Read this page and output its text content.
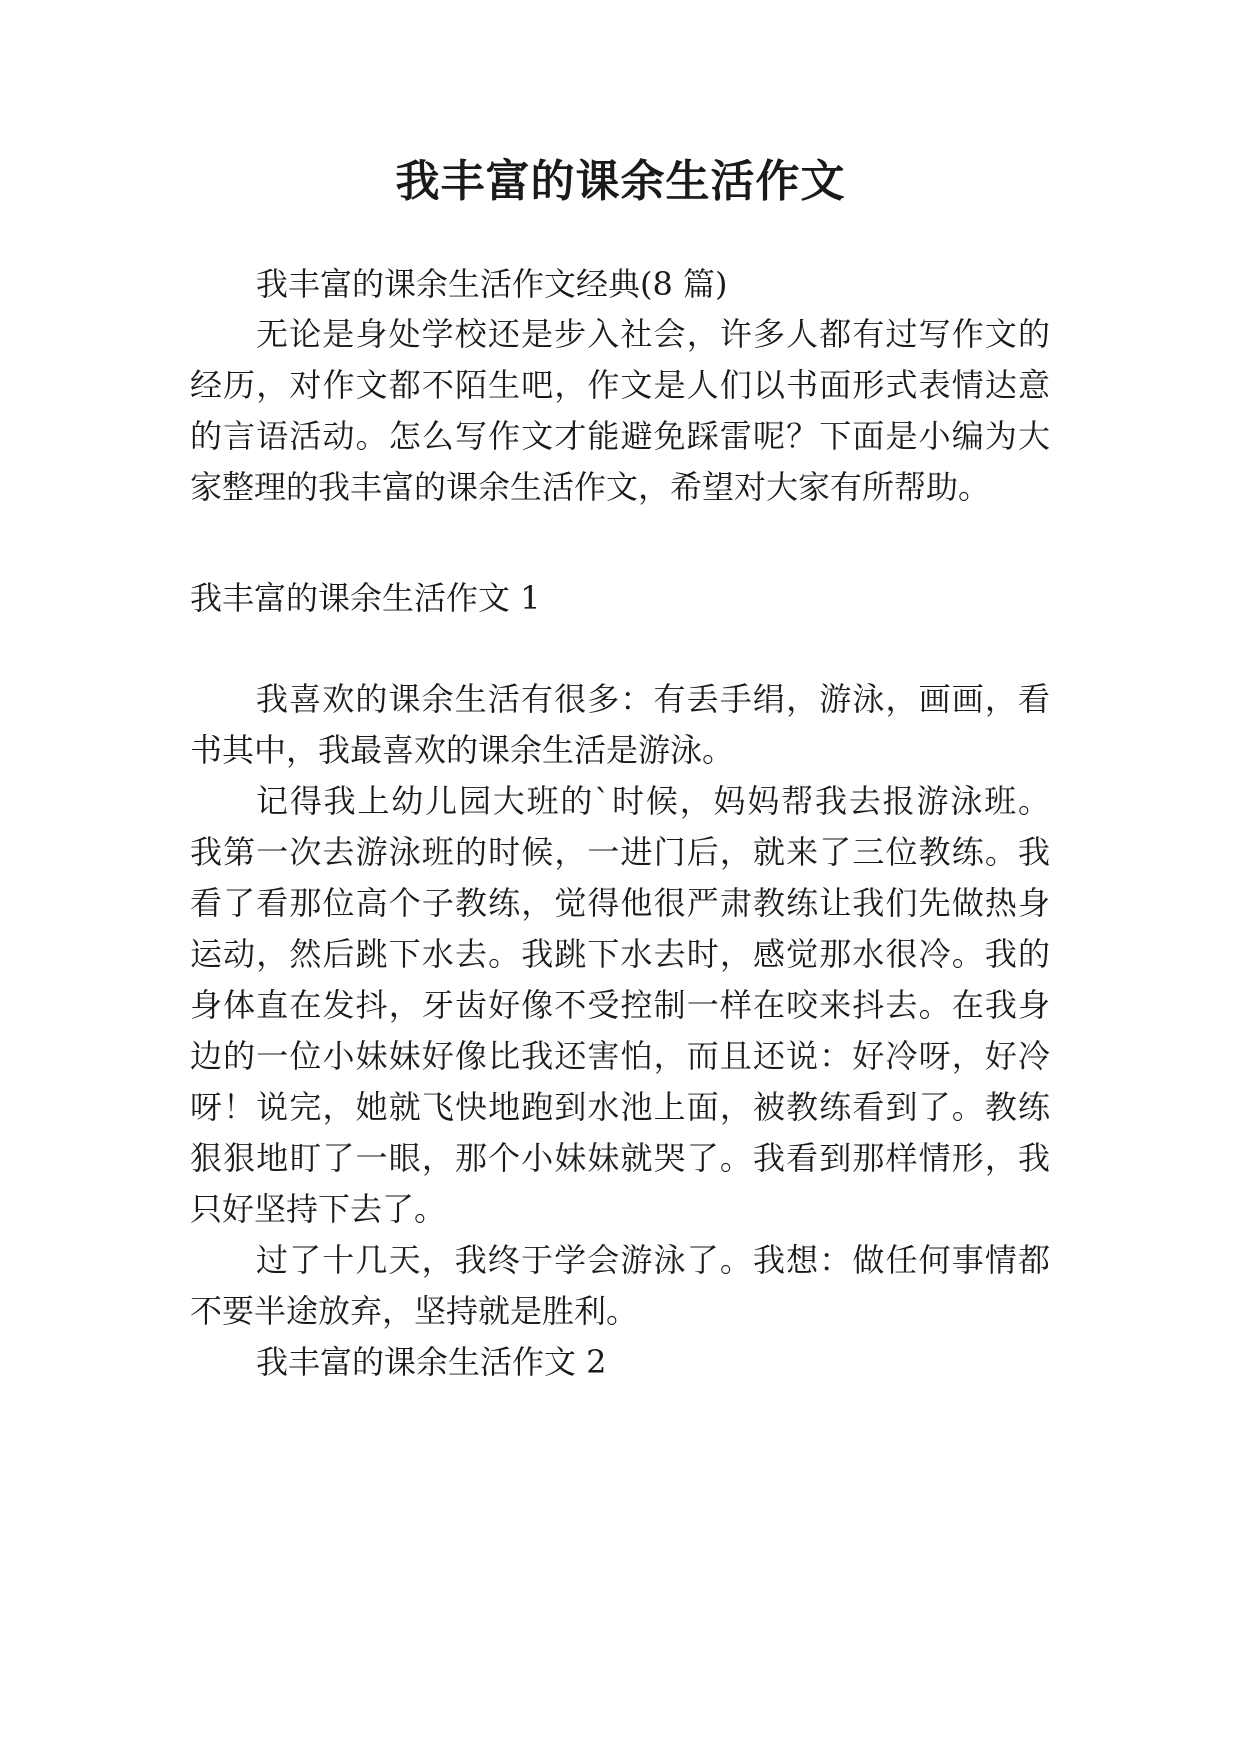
我丰富的课余生活作文

我丰富的课余生活作文经典(8 篇)

无论是身处学校还是步入社会，许多人都有过写作文的

经历，对作文都不陌生吧，作文是人们以书面形式表情达意

的言语活动。怎么写作文才能避免踩雷呢？下面是小编为大

家整理的我丰富的课余生活作文，希望对大家有所帮助。

我丰富的课余生活作文 1

我喜欢的课余生活有很多：有丢手绢，游泳，画画，看

书其中，我最喜欢的课余生活是游泳。

记得我上幼儿园大班的`时候，妈妈帮我去报游泳班。

我第一次去游泳班的时候，一进门后，就来了三位教练。我

看了看那位高个子教练，觉得他很严肃教练让我们先做热身

运动，然后跳下水去。我跳下水去时，感觉那水很冷。我的

身体直在发抖，牙齿好像不受控制一样在咬来抖去。在我身

边的一位小妹妹好像比我还害怕，而且还说：好冷呀，好冷

呀！说完，她就飞快地跑到水池上面，被教练看到了。教练

狠狠地盯了一眼，那个小妹妹就哭了。我看到那样情形，我

只好坚持下去了。

过了十几天，我终于学会游泳了。我想：做任何事情都

不要半途放弃，坚持就是胜利。

我丰富的课余生活作文 2
